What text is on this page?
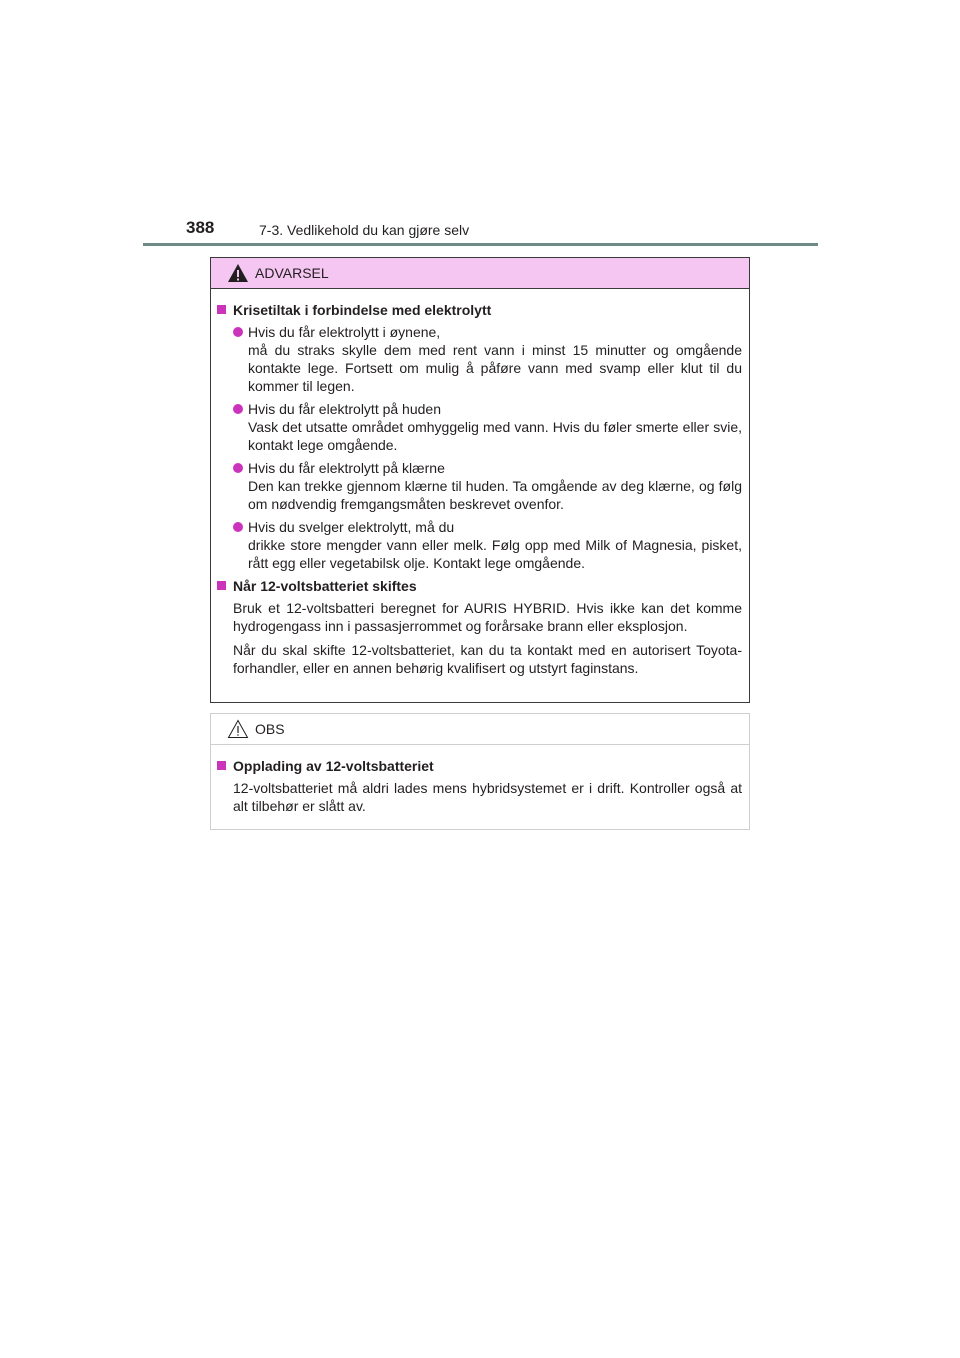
388	7-3. Vedlikehold du kan gjøre selv
ADVARSEL
Krisetiltak i forbindelse med elektrolytt
Hvis du får elektrolytt i øynene,
må du straks skylle dem med rent vann i minst 15 minutter og omgående kontakte lege. Fortsett om mulig å påføre vann med svamp eller klut til du kommer til legen.
Hvis du får elektrolytt på huden
Vask det utsatte området omhyggelig med vann. Hvis du føler smerte eller svie, kontakt lege omgående.
Hvis du får elektrolytt på klærne
Den kan trekke gjennom klærne til huden. Ta omgående av deg klærne, og følg om nødvendig fremgangsmåten beskrevet ovenfor.
Hvis du svelger elektrolytt, må du
drikke store mengder vann eller melk. Følg opp med Milk of Magnesia, pisket, rått egg eller vegetabilsk olje. Kontakt lege omgående.
Når 12-voltsbatteriet skiftes
Bruk et 12-voltsbatteri beregnet for AURIS HYBRID. Hvis ikke kan det komme hydrogengass inn i passasjerrommet og forårsake brann eller eksplosjon.
Når du skal skifte 12-voltsbatteriet, kan du ta kontakt med en autorisert Toyota-forhandler, eller en annen behørig kvalifisert og utstyrt faginstans.
OBS
Opplading av 12-voltsbatteriet
12-voltsbatteriet må aldri lades mens hybridsystemet er i drift. Kontroller også at alt tilbehør er slått av.
